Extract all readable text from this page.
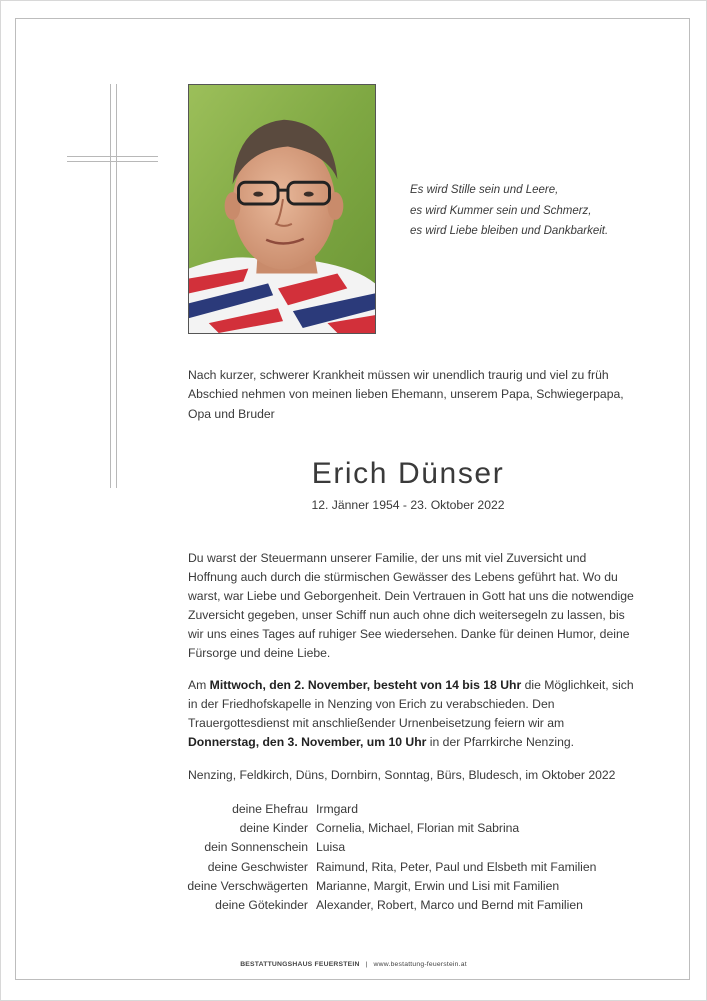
Es wird Stille sein und Leere,
es wird Kummer sein und Schmerz,
es wird Liebe bleiben und Dankbarkeit.
Nach kurzer, schwerer Krankheit müssen wir unendlich traurig und viel zu früh Abschied nehmen von meinen lieben Ehemann, unserem Papa, Schwiegerpapa, Opa und Bruder
Erich Dünser
12. Jänner 1954 - 23. Oktober 2022
Du warst der Steuermann unserer Familie, der uns mit viel Zuversicht und Hoffnung auch durch die stürmischen Gewässer des Lebens geführt hat. Wo du warst, war Liebe und Geborgenheit. Dein Vertrauen in Gott hat uns die notwendige Zuversicht gegeben, unser Schiff nun auch ohne dich weitersegeln zu lassen, bis wir uns eines Tages auf ruhiger See wiedersehen. Danke für deinen Humor, deine Fürsorge und deine Liebe.
Am Mittwoch, den 2. November, besteht von 14 bis 18 Uhr die Möglichkeit, sich in der Friedhofskapelle in Nenzing von Erich zu verabschieden. Den Trauergottesdienst mit anschließender Urnenbeisetzung feiern wir am Donnerstag, den 3. November, um 10 Uhr in der Pfarrkirche Nenzing.
Nenzing, Feldkirch, Düns, Dornbirn, Sonntag, Bürs, Bludesch, im Oktober 2022
deine Ehefrau Irmgard
deine Kinder Cornelia, Michael, Florian mit Sabrina
dein Sonnenschein Luisa
deine Geschwister Raimund, Rita, Peter, Paul und Elsbeth mit Familien
deine Verschwägerten Marianne, Margit, Erwin und Lisi mit Familien
deine Götekinder Alexander, Robert, Marco und Bernd mit Familien
BESTATTUNGSHAUS FEUERSTEIN | www.bestattung-feuerstein.at
